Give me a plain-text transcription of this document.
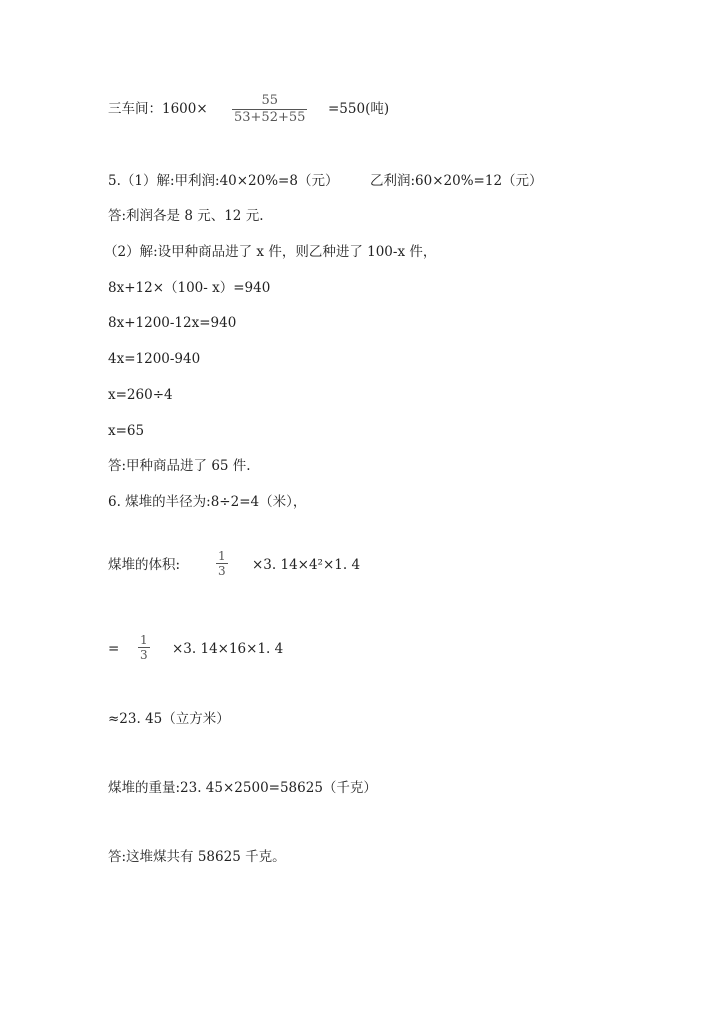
三车间：1600×
55
53+52+55
=550(吨)
5.（1）解:甲利润:40×20%=8（元） 乙利润:60×20%=12（元）
答:利润各是 8 元、12 元.
（2）解:设甲种商品进了 x 件，则乙种进了 100-x 件，
8x+12×（100- x）=940
8x+1200-12x=940
4x=1200-940
x=260÷4
x=65
答:甲种商品进了 65 件.
6. 煤堆的半径为:8÷2=4（米），
煤堆的体积:
1
3 ×3. 14×4²×1. 4
=
1
3 ×3. 14×16×1. 4
≈23. 45（立方米）
煤堆的重量:23. 45×2500=58625（千克）
答:这堆煤共有 58625 千克。
